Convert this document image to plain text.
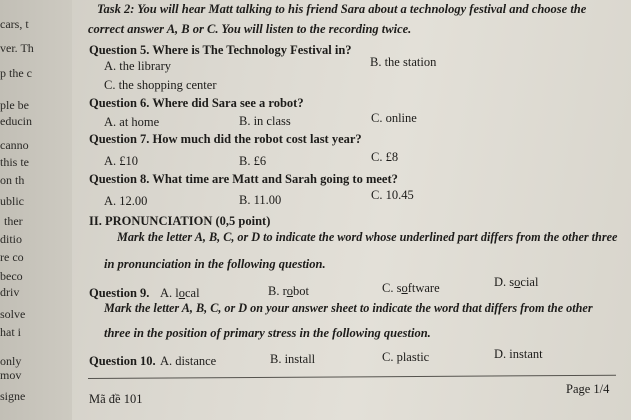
cars, t
ver. Th
p the c
ple be
educin
canno
this te
on th
ublic
ther
ditio
re co
beco
driv
solve
hat i
only
mov
signe
Task 2: You will hear Matt talking to his friend Sara about a technology festival and choose the
correct answer A, B or C. You will listen to the recording twice.
Question 5. Where is The Technology Festival in?
A. the library	B. the station
C. the shopping center
Question 6. Where did Sara see a robot?
A. at home	B. in class	C. online
Question 7. How much did the robot cost last year?
A. £10	B. £6	C. £8
Question 8. What time are Matt and Sarah going to meet?
A. 12.00	B. 11.00	C. 10.45
II. PRONUNCIATION (0,5 point)
Mark the letter A, B, C, or D to indicate the word whose underlined part differs from the other three
in pronunciation in the following question.
Question 9. A. local	B. robot	C. software	D. social
Mark the letter A, B, C, or D on your answer sheet to indicate the word that differs from the other
three in the position of primary stress in the following question.
Question 10. A. distance	B. install	C. plastic	D. instant
Mã đề 101
Page 1/4
